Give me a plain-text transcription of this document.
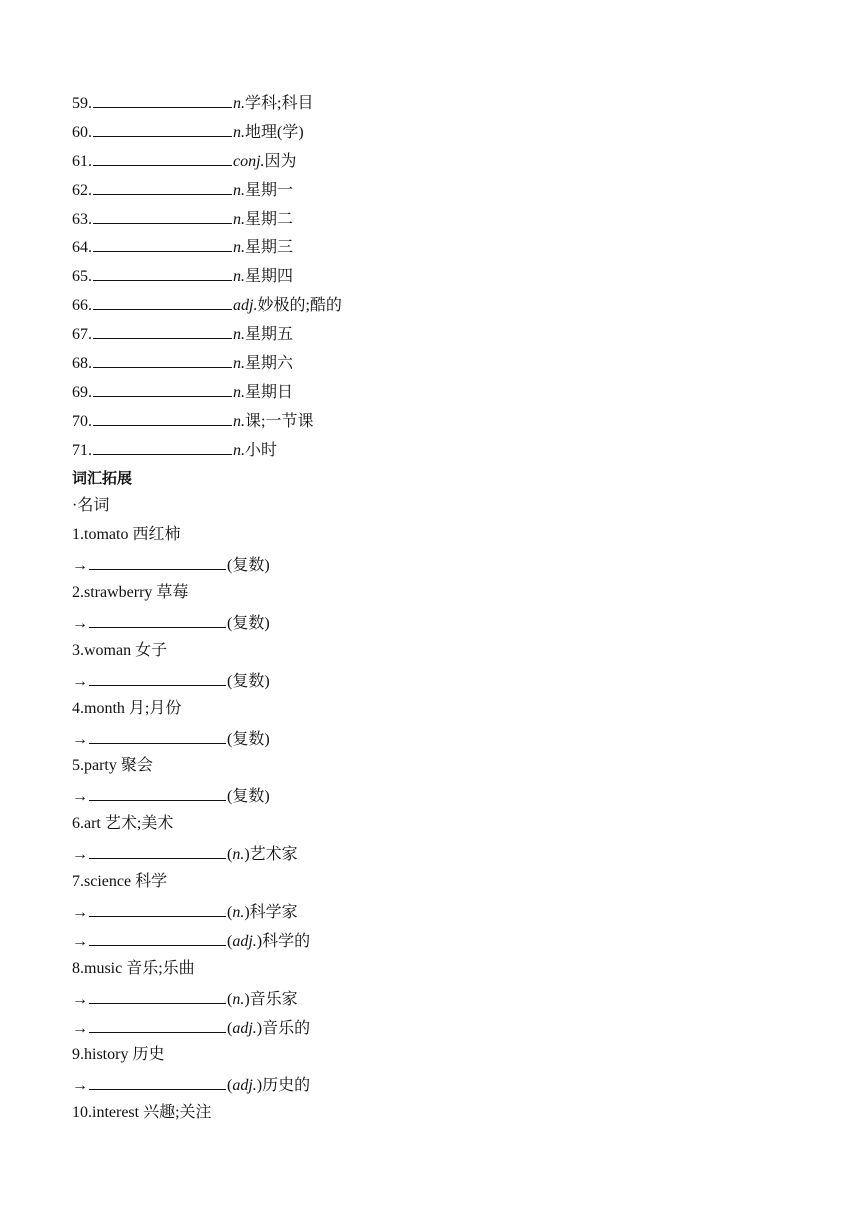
59.	n.学科;科目
60.	n.地理(学)
61.	conj.因为
62.	n.星期一
63.	n.星期二
64.	n.星期三
65.	n.星期四
66.	adj.妙极的;酷的
67.	n.星期五
68.	n.星期六
69.	n.星期日
70.	n.课;一节课
71.	n.小时
词汇拓展
·名词
1.tomato 西红柿
→	(复数)
2.strawberry 草莓
→	(复数)
3.woman 女子
→	(复数)
4.month 月;月份
→	(复数)
5.party 聚会
→	(复数)
6.art 艺术;美术
→	(n.)艺术家
7.science 科学
→	(n.)科学家
→	(adj.)科学的
8.music 音乐;乐曲
→	(n.)音乐家
→	(adj.)音乐的
9.history 历史
→	(adj.)历史的
10.interest 兴趣;关注
